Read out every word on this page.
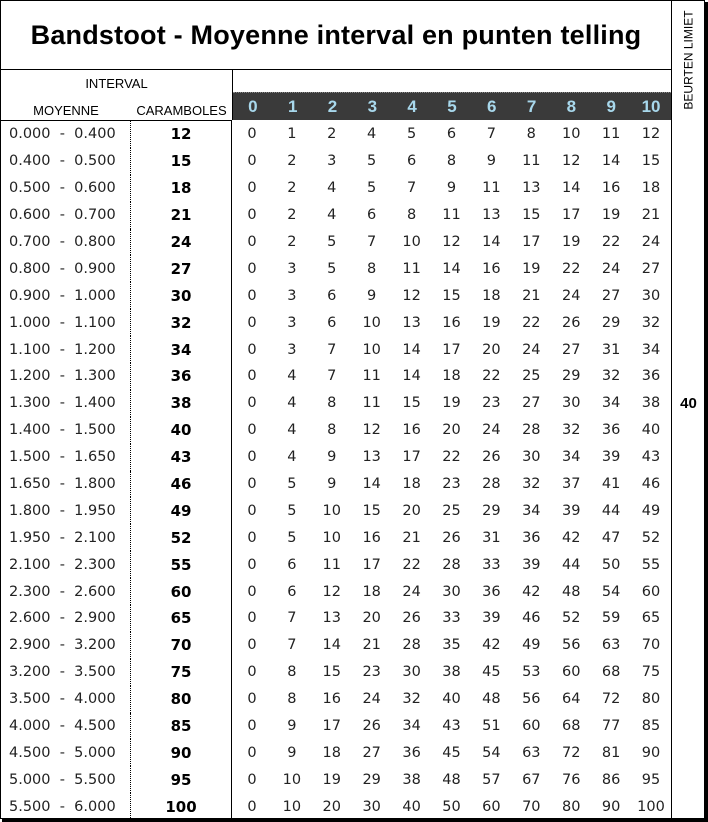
Bandstoot - Moyenne interval en punten telling
INTERVAL
MOYENNE	CARAMBOLES	0	1	2	3	4	5	6	7	8	9	10
0.000  -  0.400	12	0	1	2	4	5	6	7	8	10	11	12
0.400  -  0.500	15	0	2	3	5	6	8	9	11	12	14	15
0.500  -  0.600	18	0	2	4	5	7	9	11	13	14	16	18
0.600  -  0.700	21	0	2	4	6	8	11	13	15	17	19	21
0.700  -  0.800	24	0	2	5	7	10	12	14	17	19	22	24
0.800  -  0.900	27	0	3	5	8	11	14	16	19	22	24	27
0.900  -  1.000	30	0	3	6	9	12	15	18	21	24	27	30
1.000  -  1.100	32	0	3	6	10	13	16	19	22	26	29	32
1.100  -  1.200	34	0	3	7	10	14	17	20	24	27	31	34
1.200  -  1.300	36	0	4	7	11	14	18	22	25	29	32	36
1.300  -  1.400	38	0	4	8	11	15	19	23	27	30	34	38
1.400  -  1.500	40	0	4	8	12	16	20	24	28	32	36	40
1.500  -  1.650	43	0	4	9	13	17	22	26	30	34	39	43
1.650  -  1.800	46	0	5	9	14	18	23	28	32	37	41	46
1.800  -  1.950	49	0	5	10	15	20	25	29	34	39	44	49
1.950  -  2.100	52	0	5	10	16	21	26	31	36	42	47	52
2.100  -  2.300	55	0	6	11	17	22	28	33	39	44	50	55
2.300  -  2.600	60	0	6	12	18	24	30	36	42	48	54	60
2.600  -  2.900	65	0	7	13	20	26	33	39	46	52	59	65
2.900  -  3.200	70	0	7	14	21	28	35	42	49	56	63	70
3.200  -  3.500	75	0	8	15	23	30	38	45	53	60	68	75
3.500  -  4.000	80	0	8	16	24	32	40	48	56	64	72	80
4.000  -  4.500	85	0	9	17	26	34	43	51	60	68	77	85
4.500  -  5.000	90	0	9	18	27	36	45	54	63	72	81	90
5.000  -  5.500	95	0	10	19	29	38	48	57	67	76	86	95
5.500  -  6.000	100	0	10	20	30	40	50	60	70	80	90	100
BEURTEN LIMIET
40
